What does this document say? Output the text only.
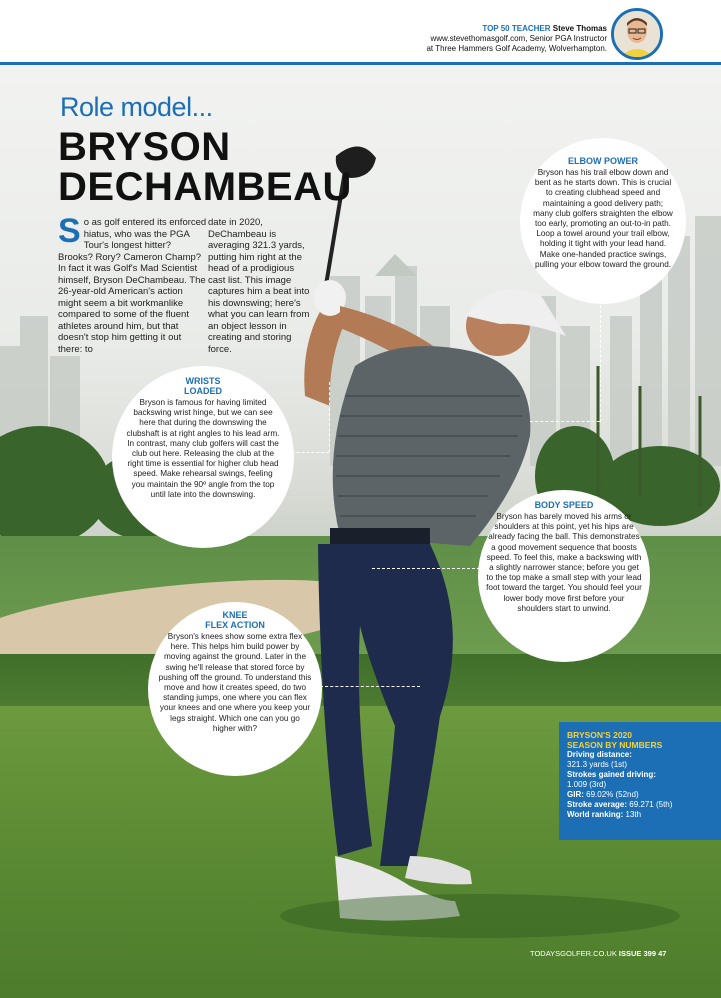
TOP 50 TEACHER Steve Thomas
www.stevethomasgolf.com, Senior PGA Instructor
at Three Hammers Golf Academy, Wolverhampton.
Role model...
BRYSON
DECHAMBEAU
So as golf entered its enforced hiatus, who was the PGA Tour's longest hitter? Brooks? Rory? Cameron Champ? In fact it was Golf's Mad Scientist himself, Bryson DeChambeau. The 26-year-old American's action might seem a bit workmanlike compared to some of the fluent athletes around him, but that doesn't stop him getting it out there: to
date in 2020, DeChambeau is averaging 321.3 yards, putting him right at the head of a prodigious cast list. This image captures him a beat into his downswing; here's what you can learn from an object lesson in creating and storing force.
ELBOW POWER
Bryson has his trail elbow down and bent as he starts down. This is crucial to creating clubhead speed and maintaining a good delivery path; many club golfers straighten the elbow too early, promoting an out-to-in path. Loop a towel around your trail elbow, holding it tight with your lead hand. Make one-handed practice swings, pulling your elbow toward the ground.
WRISTS
LOADED
Bryson is famous for having limited backswing wrist hinge, but we can see here that during the downswing the clubshaft is at right angles to his lead arm. In contrast, many club golfers will cast the club out here. Releasing the club at the right time is essential for higher club head speed. Make rehearsal swings, feeling you maintain the 90º angle from the top until late into the downswing.
BODY SPEED
Bryson has barely moved his arms or shoulders at this point, yet his hips are already facing the ball. This demonstrates a good movement sequence that boosts speed. To feel this, make a backswing with a slightly narrower stance; before you get to the top make a small step with your lead foot toward the target. You should feel your lower body move first before your shoulders start to unwind.
KNEE
FLEX ACTION
Bryson's knees show some extra flex here. This helps him build power by moving against the ground. Later in the swing he'll release that stored force by pushing off the ground. To understand this move and how it creates speed, do two standing jumps, one where you can flex your knees and one where you keep your legs straight. Which one can you go higher with?
BRYSON'S 2020
SEASON BY NUMBERS
Driving distance:
321.3 yards (1st)
Strokes gained driving:
1.009 (3rd)
GIR: 69.02% (52nd)
Stroke average: 69.271 (5th)
World ranking: 13th
TODAYSGOLFER.CO.UK ISSUE 399 47
